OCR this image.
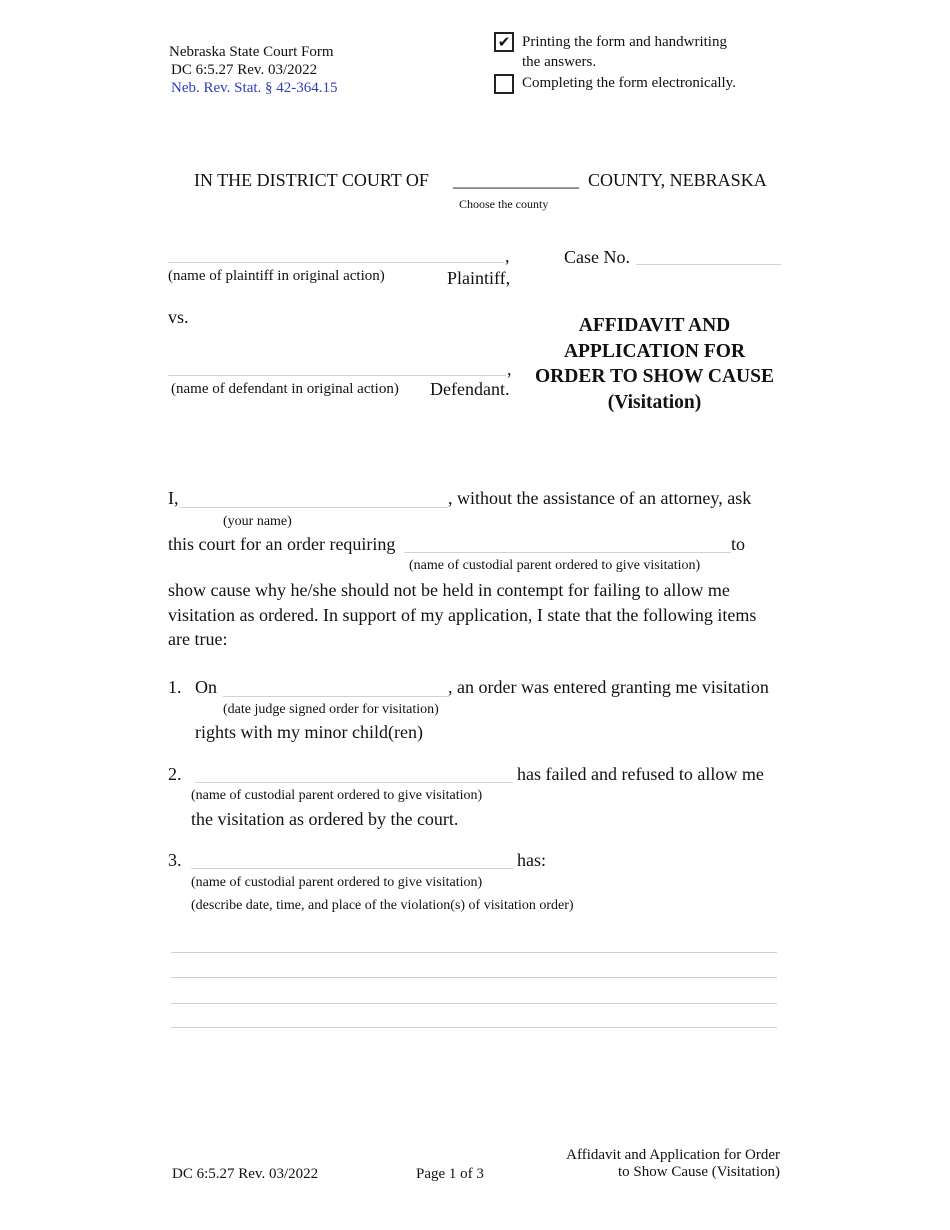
Nebraska State Court Form
DC 6:5.27 Rev. 03/2022
Neb. Rev. Stat. § 42-364.15
✔ Printing the form and handwriting
the answers.
Completing the form electronically.
IN THE DISTRICT COURT OF ______________ COUNTY, NEBRASKA
Choose the county
,
(name of plaintiff in original action)	Plaintiff,
Case No.
vs.
,
(name of defendant in original action) Defendant.
AFFIDAVIT AND
APPLICATION FOR
ORDER TO SHOW CAUSE
(Visitation)
I,	, without the assistance of an attorney, ask
(your name)
this court for an order requiring	to
(name of custodial parent ordered to give visitation)
show cause why he/she should not be held in contempt for failing to allow me
visitation as ordered. In support of my application, I state that the following items
are true:
1. On	, an order was entered granting me visitation
(date judge signed order for visitation)
rights with my minor child(ren)
2.	has failed and refused to allow me
(name of custodial parent ordered to give visitation)
the visitation as ordered by the court.
3.	has:
(name of custodial parent ordered to give visitation)
(describe date, time, and place of the violation(s) of visitation order)
DC 6:5.27 Rev. 03/2022	Page 1 of 3
Affidavit and Application for Order
to Show Cause (Visitation)
